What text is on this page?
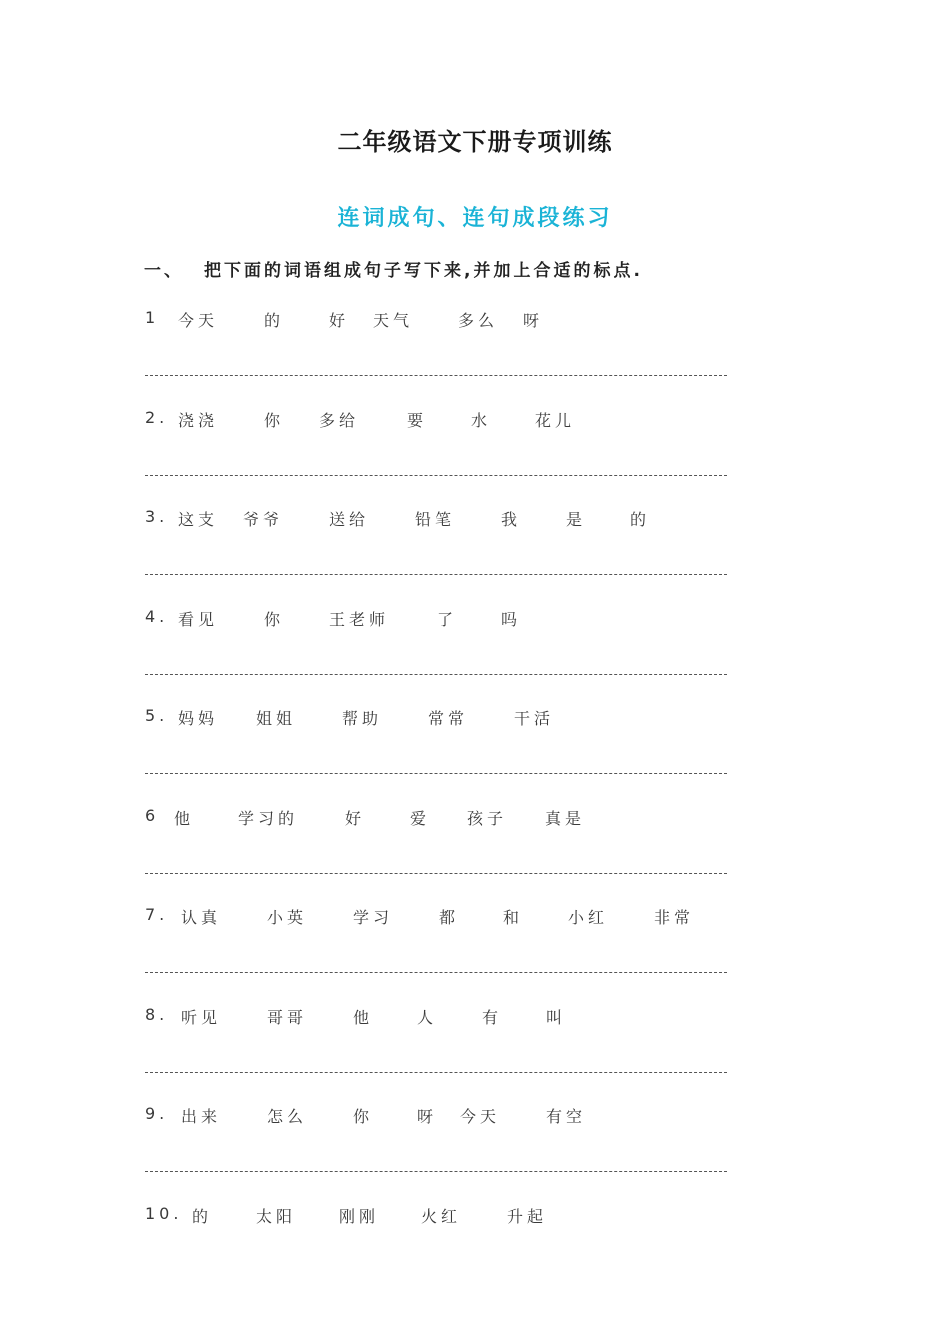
二年级语文下册专项训练
连词成句、连句成段练习
一、 把下面的词语组成句子写下来,并加上合适的标点.
1 今天	的	好 天气	多么 呀
2. 浇浇	你 多给	要	水	花儿
3. 这支 爷爷	送给	铅笔	我	是	的
4. 看见	你	王老师	了	吗
5. 妈妈 姐姐	帮助	常常	干活
6 他	学习的	好	爱 孩子 真是
7. 认真	小英	学习	都	和	小红	非常
8. 听见	哥哥	他	人	有	叫
9. 出来	怎么	你	呀 今天	有空
10. 的	太阳	刚刚	火红	升起
